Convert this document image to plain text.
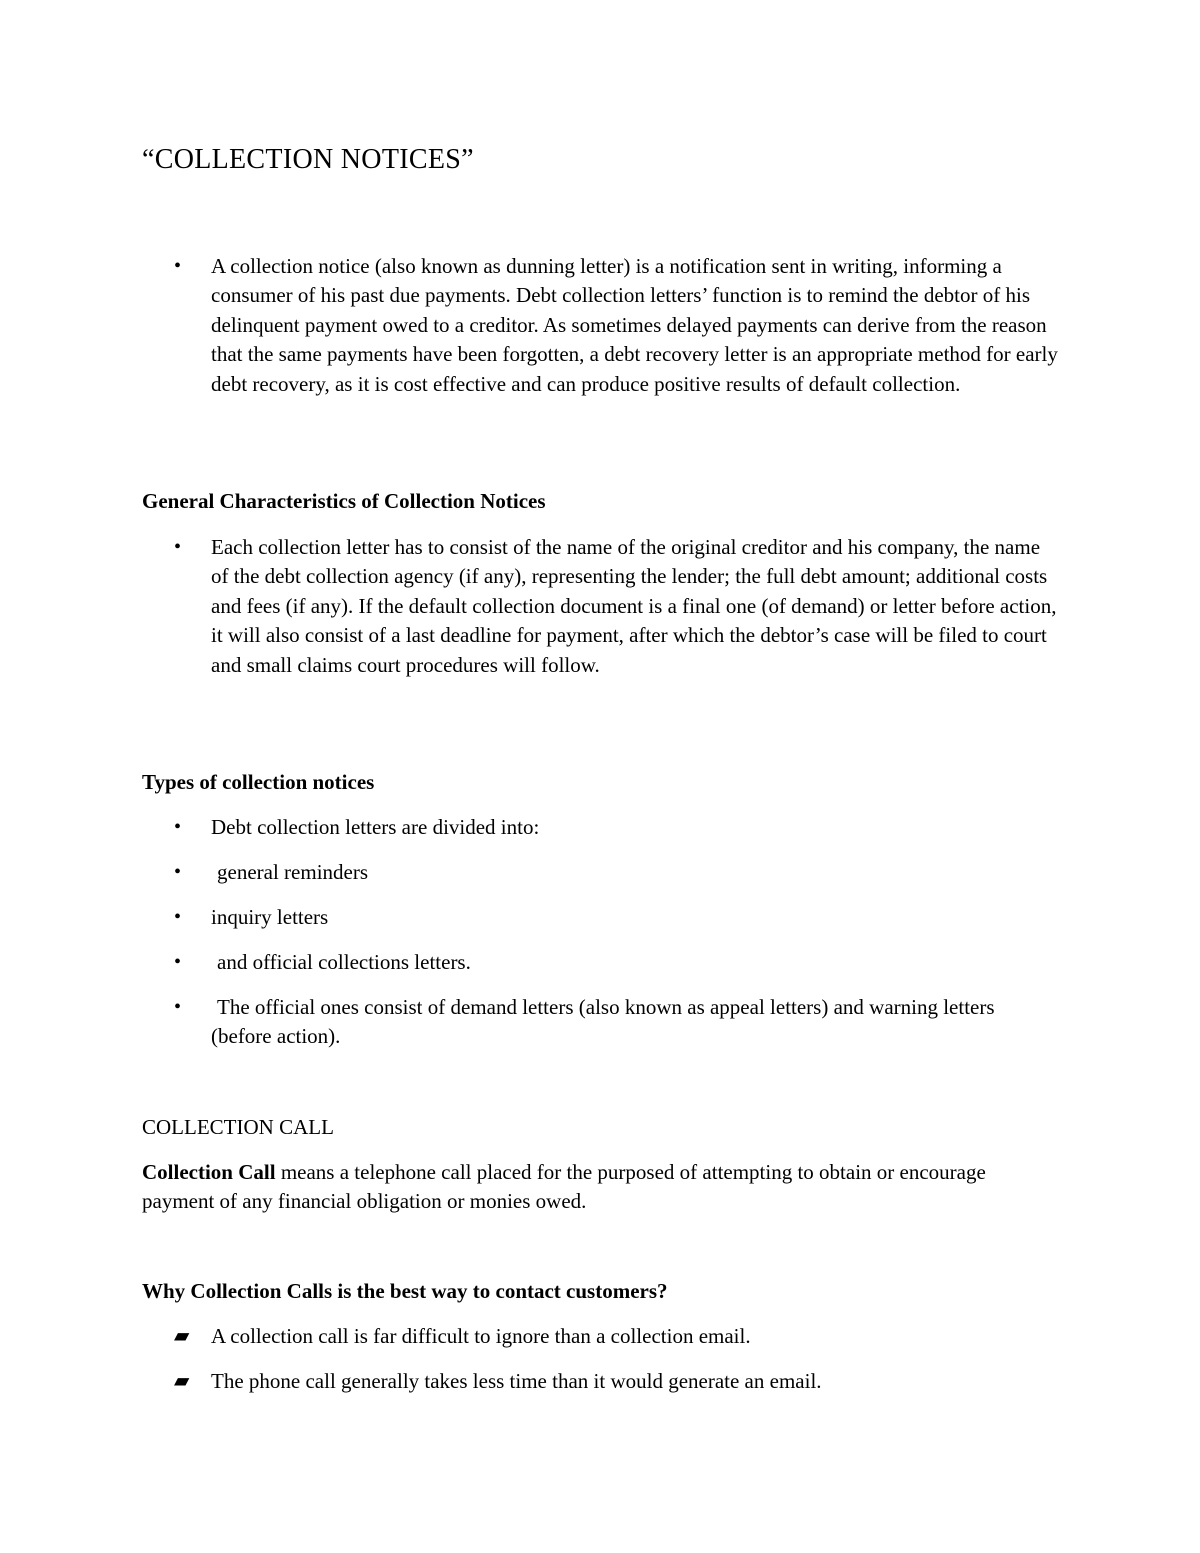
“COLLECTION NOTICES”
•	A collection notice (also known as dunning letter) is a notification sent in writing, informing a consumer of his past due payments. Debt collection letters’ function is to remind the debtor of his delinquent payment owed to a creditor. As sometimes delayed payments can derive from the reason that the same payments have been forgotten, a debt recovery letter is an appropriate method for early debt recovery, as it is cost effective and can produce positive results of default collection.
General Characteristics of Collection Notices
•	Each collection letter has to consist of the name of the original creditor and his company, the name of the debt collection agency (if any), representing the lender; the full debt amount; additional costs and fees (if any). If the default collection document is a final one (of demand) or letter before action, it will also consist of a last deadline for payment, after which the debtor’s case will be filed to court and small claims court procedures will follow.
Types of collection notices
•	Debt collection letters are divided into:
•	general reminders
•	inquiry letters
•	and official collections letters.
•	The official ones consist of demand letters (also known as appeal letters) and warning letters (before action).
COLLECTION CALL
Collection Call means a telephone call placed for the purposed of attempting to obtain or encourage payment of any financial obligation or monies owed.
Why Collection Calls is the best way to contact customers?
▰	A collection call is far difficult to ignore than a collection email.
▰	The phone call generally takes less time than it would generate an email.
